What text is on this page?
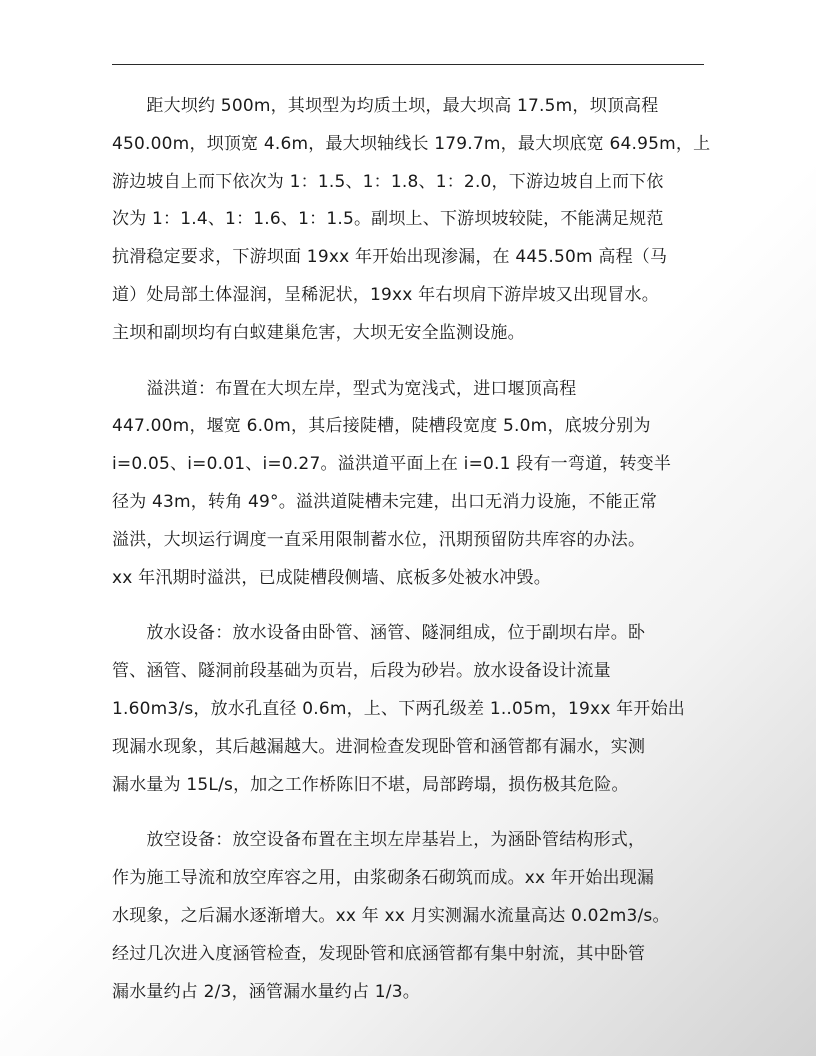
　　距大坝约 500m，其坝型为均质土坝，最大坝高 17.5m，坝顶高程
450.00m，坝顶宽 4.6m，最大坝轴线长 179.7m，最大坝底宽 64.95m，上
游边坡自上而下依次为 1：1.5、1：1.8、1：2.0，下游边坡自上而下依
次为 1：1.4、1：1.6、1：1.5。副坝上、下游坝坡较陡，不能满足规范
抗滑稳定要求，下游坝面 19xx 年开始出现渗漏，在 445.50m 高程（马
道）处局部土体湿润，呈稀泥状，19xx 年右坝肩下游岸坡又出现冒水。
主坝和副坝均有白蚁建巢危害，大坝无安全监测设施。
　　溢洪道：布置在大坝左岸，型式为宽浅式，进口堰顶高程
447.00m，堰宽 6.0m，其后接陡槽，陡槽段宽度 5.0m，底坡分别为
i=0.05、i=0.01、i=0.27。溢洪道平面上在 i=0.1 段有一弯道，转变半
径为 43m，转角 49°。溢洪道陡槽未完建，出口无消力设施，不能正常
溢洪，大坝运行调度一直采用限制蓄水位，汛期预留防共库容的办法。
xx 年汛期时溢洪，已成陡槽段侧墙、底板多处被水冲毁。
　　放水设备：放水设备由卧管、涵管、隧洞组成，位于副坝右岸。卧
管、涵管、隧洞前段基础为页岩，后段为砂岩。放水设备设计流量
1.60m3/s，放水孔直径 0.6m，上、下两孔级差 1..05m，19xx 年开始出
现漏水现象，其后越漏越大。进洞检查发现卧管和涵管都有漏水，实测
漏水量为 15L/s，加之工作桥陈旧不堪，局部跨塌，损伤极其危险。
　　放空设备：放空设备布置在主坝左岸基岩上，为涵卧管结构形式，
作为施工导流和放空库容之用，由浆砌条石砌筑而成。xx 年开始出现漏
水现象，之后漏水逐渐增大。xx 年 xx 月实测漏水流量高达 0.02m3/s。
经过几次进入度涵管检查，发现卧管和底涵管都有集中射流，其中卧管
漏水量约占 2/3，涵管漏水量约占 1/3。
